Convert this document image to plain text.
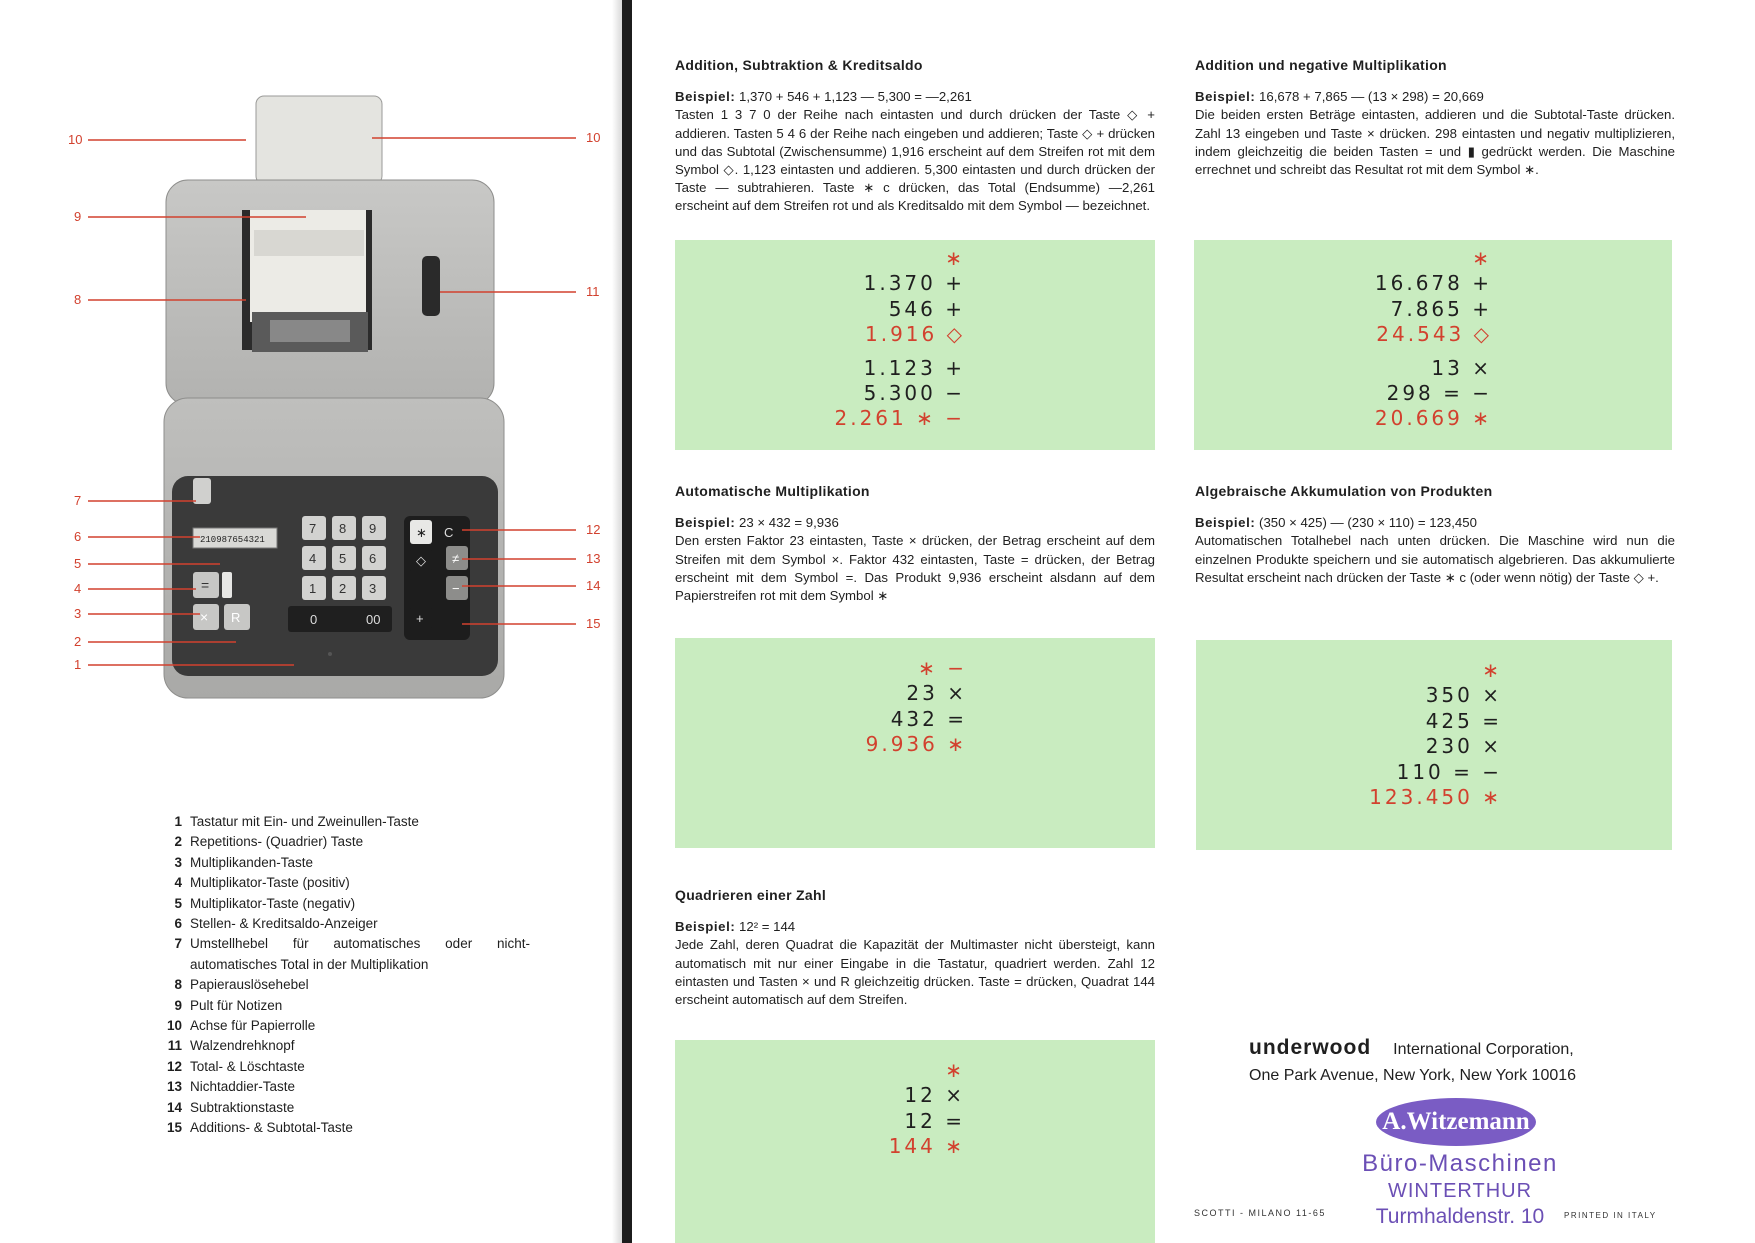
210987654321
=
× R
7 8 9
4 5 6
1 2 3
0	00
∗ C
◇ ≠
−
+
10
9
8
7
6
5
4
3
2
1
10
11
12
13
14
15
1 Tastatur mit Ein- und Zweinullen-Taste
2 Repetitions- (Quadrier) Taste
3 Multiplikanden-Taste
4 Multiplikator-Taste (positiv)
5 Multiplikator-Taste (negativ)
6 Stellen- & Kreditsaldo-Anzeiger
7 Umstellhebel für automatisches oder nicht-automatisches Total in der Multiplikation
8 Papierauslösehebel
9 Pult für Notizen
10 Achse für Papierrolle
11 Walzendrehknopf
12 Total- & Löschtaste
13 Nichtaddier-Taste
14 Subtraktionstaste
15 Additions- & Subtotal-Taste
Addition, Subtraktion & Kreditsaldo

Beispiel: 1,370 + 546 + 1,123 — 5,300 = —2,261

Tasten 1 3 7 0 der Reihe nach eintasten und durch drücken der Taste ◇ + addieren. Tasten 5 4 6 der Reihe nach eingeben und addieren; Taste ◇ + drücken und das Subtotal (Zwischensumme) 1,916 erscheint auf dem Streifen rot mit dem Symbol ◇. 1,123 eintasten und addieren. 5,300 eintasten und durch drücken der Taste — subtrahieren. Taste ∗ c drücken, das Total (Endsumme) —2,261 erscheint auf dem Streifen rot und als Kreditsaldo mit dem Symbol — bezeichnet.

Addition und negative Multiplikation

Beispiel: 16,678 + 7,865 — (13 × 298) = 20,669

Die beiden ersten Beträge eintasten, addieren und die Subtotal-Taste drücken. Zahl 13 eingeben und Taste × drücken. 298 eintasten und negativ multiplizieren, indem gleichzeitig die beiden Tasten = und ▮ gedrückt werden. Die Maschine errechnet und schreibt das Resultat rot mit dem Symbol ∗.

Automatische Multiplikation

Beispiel: 23 × 432 = 9,936

Den ersten Faktor 23 eintasten, Taste × drücken, der Betrag erscheint auf dem Streifen mit dem Symbol ×. Faktor 432 eintasten, Taste = drücken, der Betrag erscheint mit dem Symbol =. Das Produkt 9,936 erscheint alsdann auf dem Papierstreifen rot mit dem Symbol ∗

Algebraische Akkumulation von Produkten

Beispiel: (350 × 425) — (230 × 110) = 123,450

Automatischen Totalhebel nach unten drücken. Die Maschine wird nun die einzelnen Produkte speichern und sie automatisch algebrieren. Das akkumulierte Resultat erscheint nach drücken der Taste ∗ c (oder wenn nötig) der Taste ◇ +.

Quadrieren einer Zahl

Beispiel: 12² = 144

Jede Zahl, deren Quadrat die Kapazität der Multimaster nicht übersteigt, kann automatisch mit nur einer Eingabe in die Tastatur, quadriert werden. Zahl 12 eintasten und Tasten × und R gleichzeitig drücken. Taste = drücken, Quadrat 144 erscheint automatisch auf dem Streifen.

∗
1.370 +
546 +
1.916 ◇
1.123 +
5.300 −
2.261 ∗ −
∗
16.678 +
7.865 +
24.543 ◇
13 ×
298 = −
20.669 ∗
∗ −
23 ×
432 =
9.936 ∗
∗
350 ×
425 =
230 ×
110 = −
123.450 ∗
∗
12 ×
12 =
144 ∗
underwood International Corporation,
One Park Avenue, New York, New York 10016
A.Witzemann
Büro-Maschinen
WINTERTHUR
Turmhaldenstr. 10
SCOTTI - MILANO 11-65	PRINTED IN ITALY
